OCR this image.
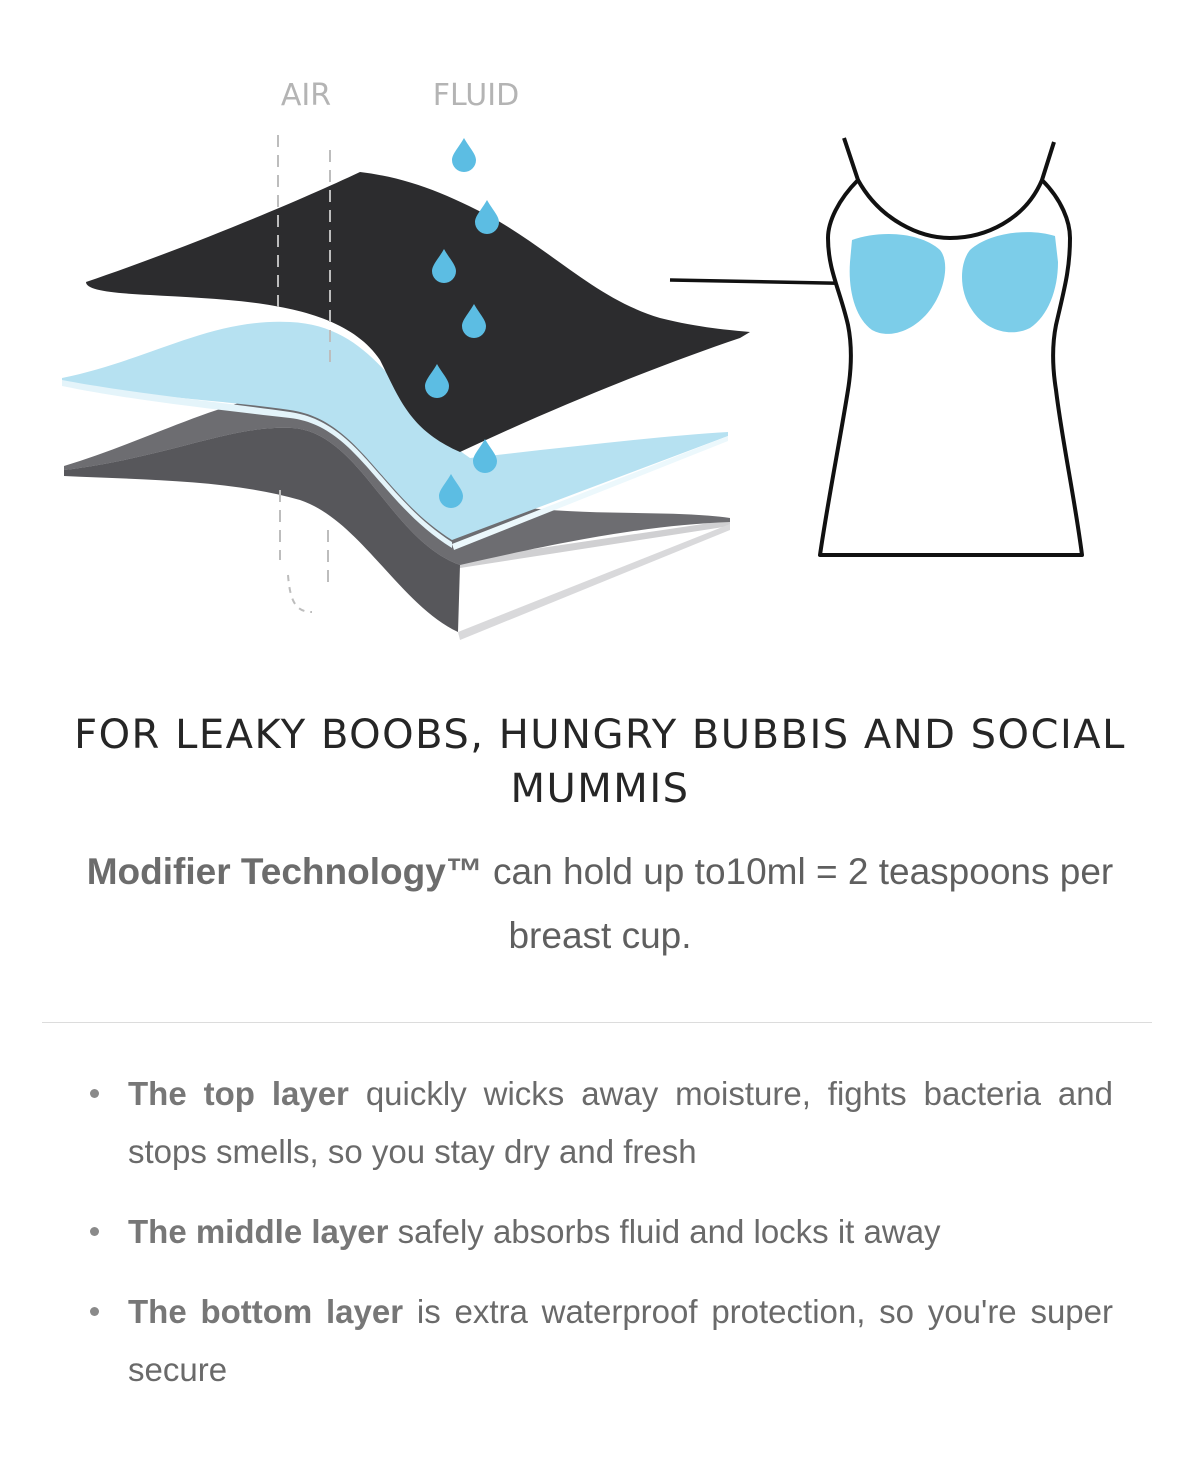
AIR	FLUID
FOR LEAKY BOOBS, HUNGRY BUBBIS AND SOCIAL MUMMIS

Modifier Technology™ can hold up to10ml = 2 teaspoons per breast cup.

The top layer quickly wicks away moisture, fights bacteria and stops smells, so you stay dry and fresh
The middle layer safely absorbs fluid and locks it away
The bottom layer is extra waterproof protection, so you're super secure
